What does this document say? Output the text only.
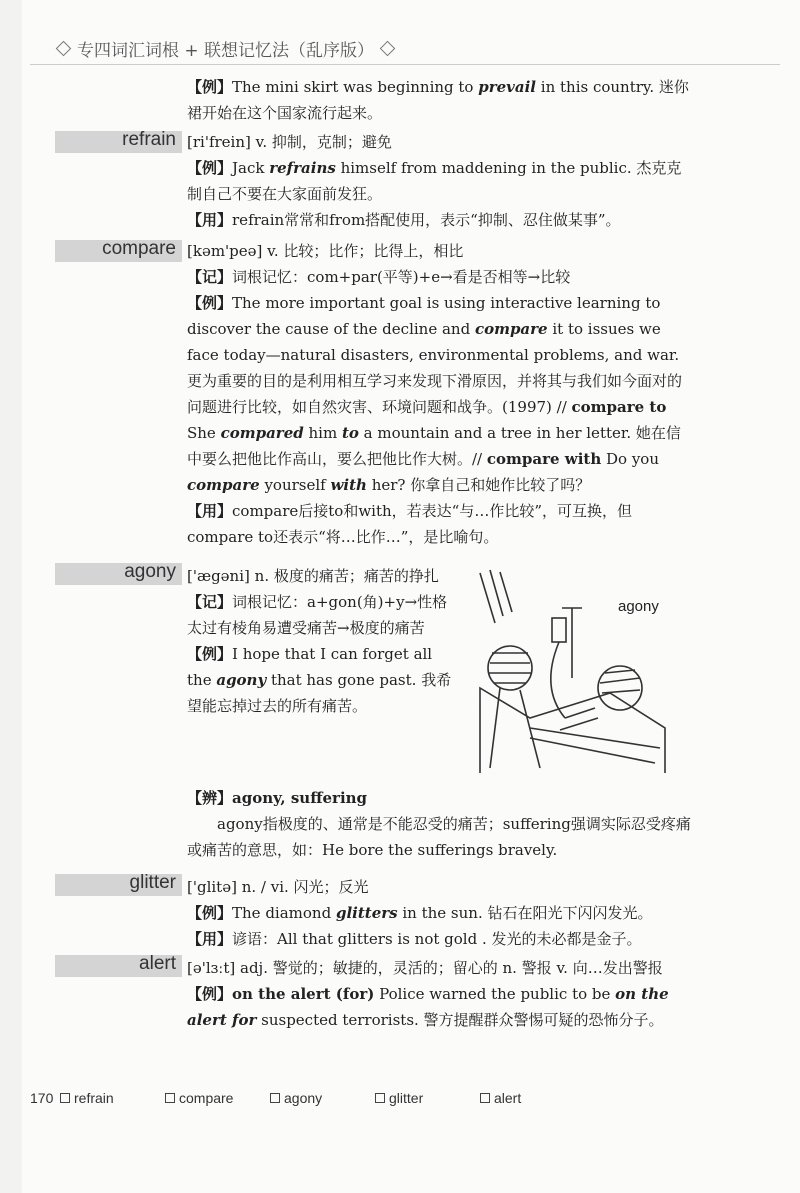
专四词汇词根 + 联想记忆法（乱序版）
【例】The mini skirt was beginning to prevail in this country. 迷你裙开始在这个国家流行起来。
refrain [ri'frein] v. 抑制，克制；避免
【例】Jack refrains himself from maddening in the public. 杰克克制自己不要在大家面前发狂。
【用】refrain常常和from搭配使用，表示“抑制、忍住做某事”。
compare [kəm'peə] v. 比较；比作；比得上，相比
【记】词根记忆：com+par(平等)+e→看是否相等→比较
【例】The more important goal is using interactive learning to discover the cause of the decline and compare it to issues we face today—natural disasters, environmental problems, and war. 更为重要的目的是利用相互学习来发现下滑原因，并将其与我们如今面对的问题进行比较，如自然灾害、环境问题和战争。(1997) // compare to She compared him to a mountain and a tree in her letter. 她在信中要么把他比作高山，要么把他比作大树。// compare with Do you compare yourself with her? 你拿自己和她作比较了吗？
【用】compare后接to和with，若表达“与…作比较”，可互换，但compare to还表示“将…比作…”，是比喻句。
agony ['ægəni] n. 极度的痛苦；痛苦的挣扎
【记】词根记忆：a+gon(角)+y→性格太过有棱角易遭受痛苦→极度的痛苦
【例】I hope that I can forget all the agony that has gone past. 我希望能忘掉过去的所有痛苦。
agony
【辨】agony, suffering
agony指极度的、通常是不能忍受的痛苦；suffering强调实际忍受疼痛或痛苦的意思，如：He bore the sufferings bravely.
glitter ['glitə] n. / vi. 闪光；反光
【例】The diamond glitters in the sun. 钻石在阳光下闪闪发光。
【用】谚语：All that glitters is not gold . 发光的未必都是金子。
alert [ə'lɜːt] adj. 警觉的；敏捷的，灵活的；留心的 n. 警报 v. 向…发出警报
【例】on the alert (for) Police warned the public to be on the alert for suspected terrorists. 警方提醒群众警惕可疑的恐怖分子。
170 refrain	compare	agony	glitter	alert
